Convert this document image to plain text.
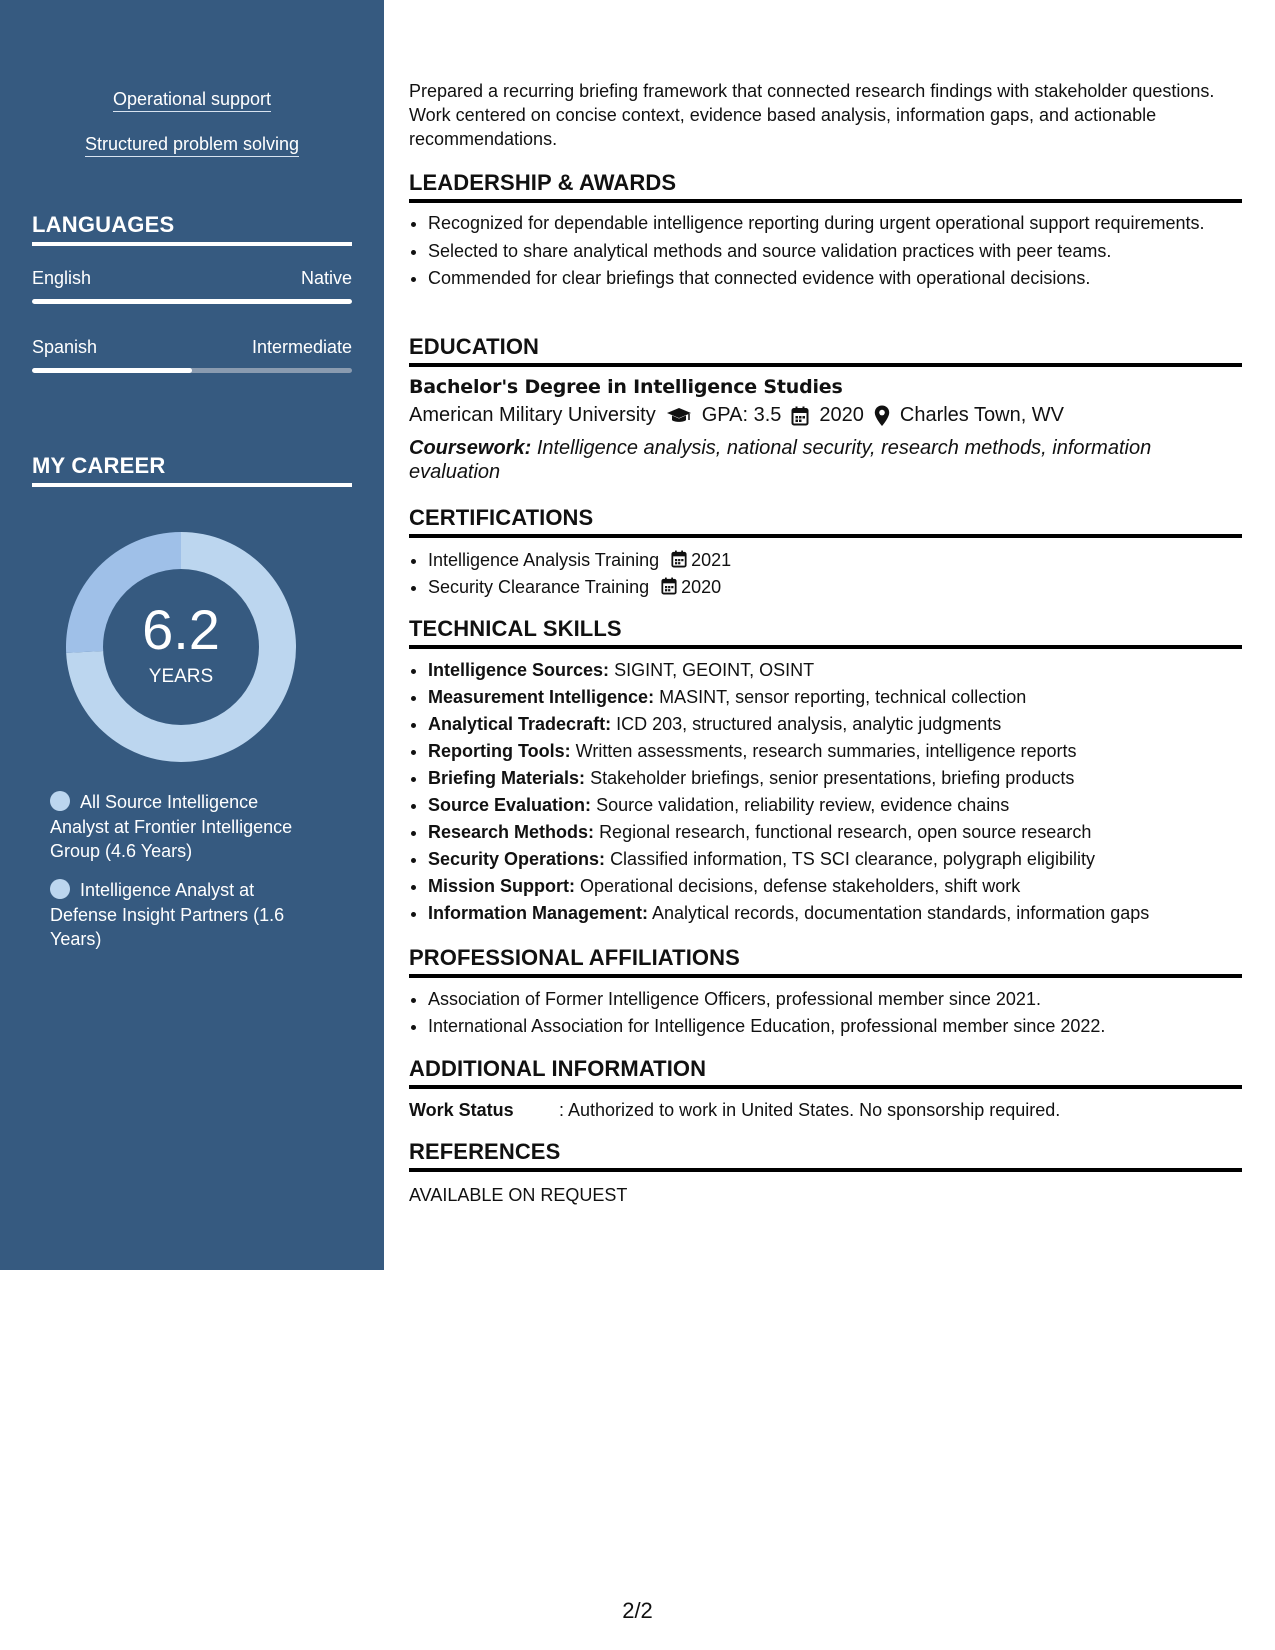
Operational support
Structured problem solving
LANGUAGES
English	Native
Spanish	Intermediate
MY CAREER
6.2
YEARS
All Source Intelligence Analyst at Frontier Intelligence Group (4.6 Years)
Intelligence Analyst at Defense Insight Partners (1.6 Years)
Prepared a recurring briefing framework that connected research findings with stakeholder questions. Work centered on concise context, evidence based analysis, information gaps, and actionable recommendations.
LEADERSHIP & AWARDS
• Recognized for dependable intelligence reporting during urgent operational support requirements.
• Selected to share analytical methods and source validation practices with peer teams.
• Commended for clear briefings that connected evidence with operational decisions.
EDUCATION
Bachelor's Degree in Intelligence Studies
American Military University GPA: 3.5 2020 Charles Town, WV
Coursework: Intelligence analysis, national security, research methods, information evaluation
CERTIFICATIONS
• Intelligence Analysis Training 2021
• Security Clearance Training 2020
TECHNICAL SKILLS
• Intelligence Sources: SIGINT, GEOINT, OSINT
• Measurement Intelligence: MASINT, sensor reporting, technical collection
• Analytical Tradecraft: ICD 203, structured analysis, analytic judgments
• Reporting Tools: Written assessments, research summaries, intelligence reports
• Briefing Materials: Stakeholder briefings, senior presentations, briefing products
• Source Evaluation: Source validation, reliability review, evidence chains
• Research Methods: Regional research, functional research, open source research
• Security Operations: Classified information, TS SCI clearance, polygraph eligibility
• Mission Support: Operational decisions, defense stakeholders, shift work
• Information Management: Analytical records, documentation standards, information gaps
PROFESSIONAL AFFILIATIONS
• Association of Former Intelligence Officers, professional member since 2021.
• International Association for Intelligence Education, professional member since 2022.
ADDITIONAL INFORMATION
Work Status	: Authorized to work in United States. No sponsorship required.
REFERENCES
AVAILABLE ON REQUEST
2/2
